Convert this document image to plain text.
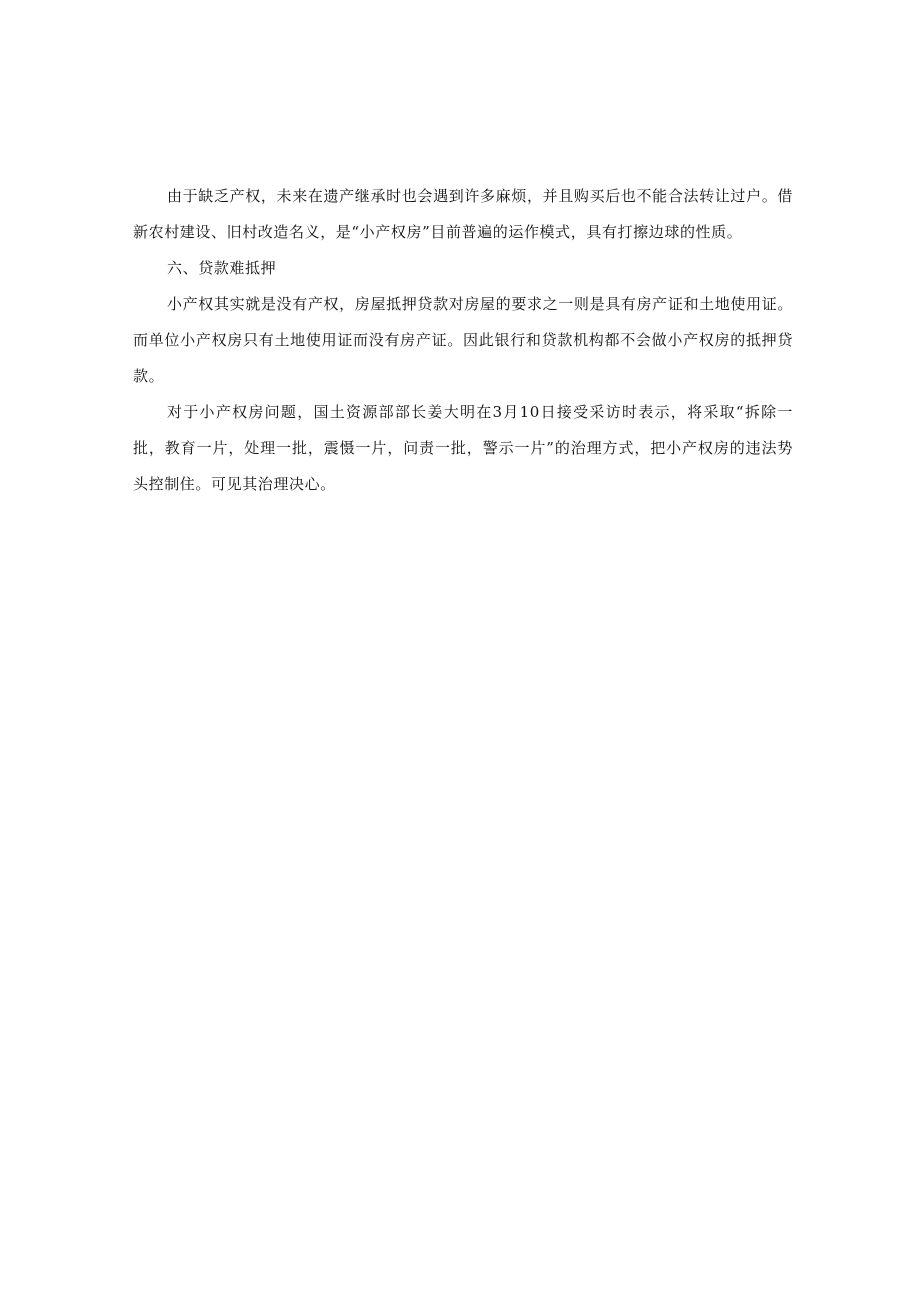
由于缺乏产权，未来在遗产继承时也会遇到许多麻烦，并且购买后也不能合法转让过户。借新农村建设、旧村改造名义，是“小产权房”目前普遍的运作模式，具有打擦边球的性质。

六、贷款难抵押

小产权其实就是没有产权，房屋抵押贷款对房屋的要求之一则是具有房产证和土地使用证。而单位小产权房只有土地使用证而没有房产证。因此银行和贷款机构都不会做小产权房的抵押贷款。

对于小产权房问题，国土资源部部长姜大明在3月10日接受采访时表示，将采取“拆除一批，教育一片，处理一批，震慑一片，问责一批，警示一片”的治理方式，把小产权房的违法势头控制住。可见其治理决心。
